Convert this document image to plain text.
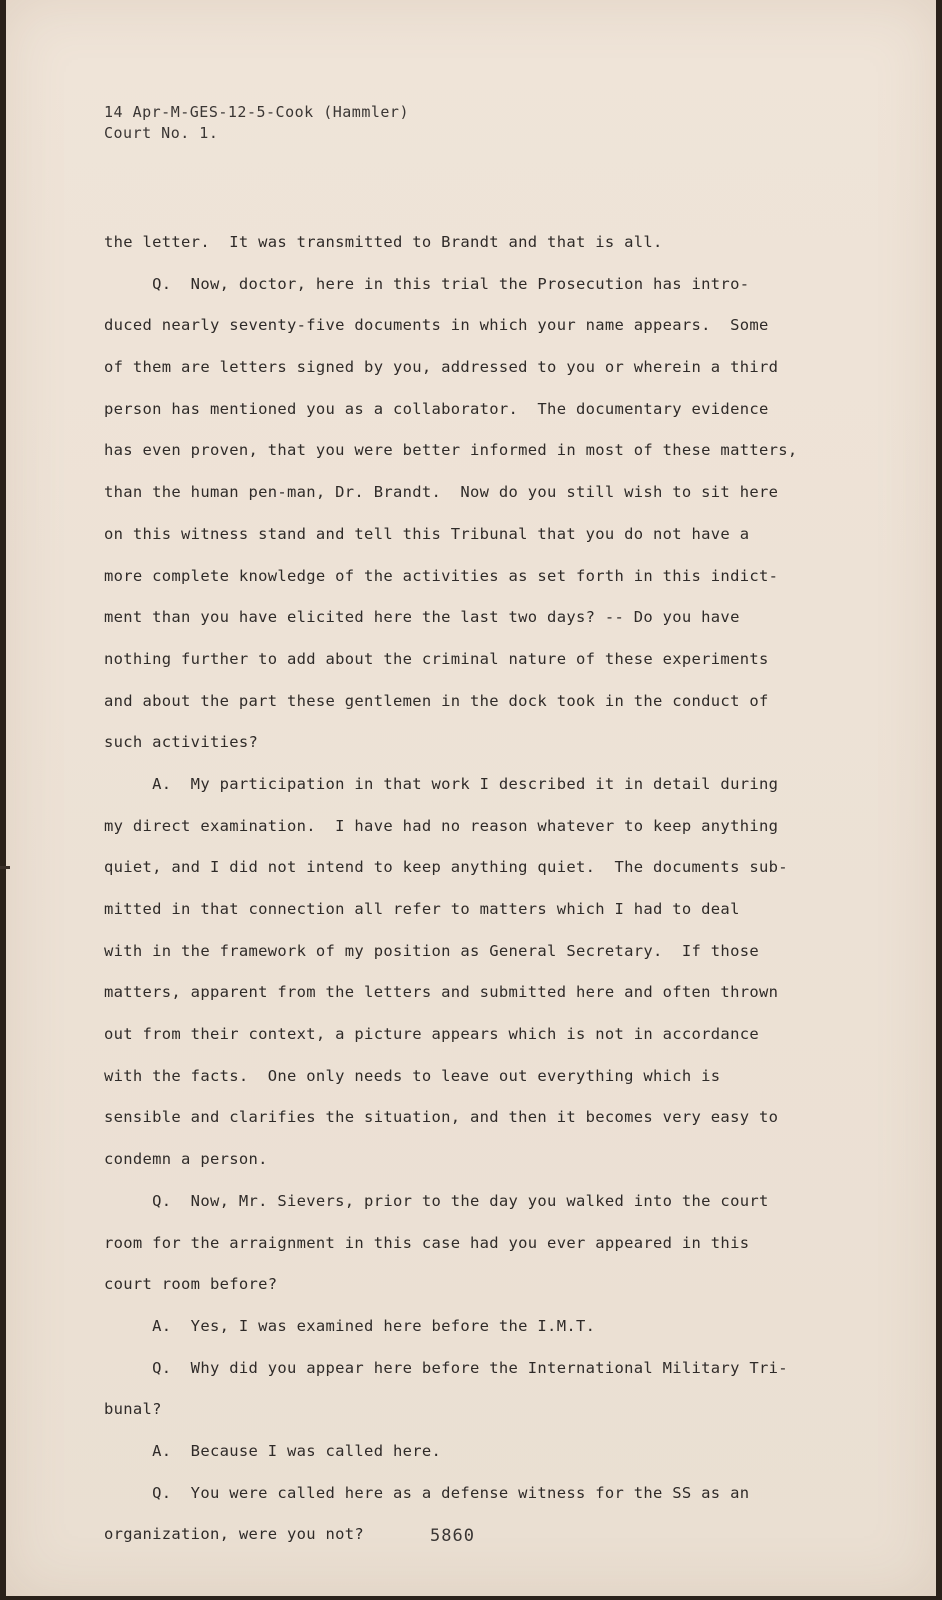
14 Apr-M-GES-12-5-Cook (Hammler)
Court No. 1.
the letter.  It was transmitted to Brandt and that is all.
Q.  Now, doctor, here in this trial the Prosecution has intro-
duced nearly seventy-five documents in which your name appears.  Some
of them are letters signed by you, addressed to you or wherein a third
person has mentioned you as a collaborator.  The documentary evidence
has even proven, that you were better informed in most of these matters,
than the human pen-man, Dr. Brandt.  Now do you still wish to sit here
on this witness stand and tell this Tribunal that you do not have a
more complete knowledge of the activities as set forth in this indict-
ment than you have elicited here the last two days? -- Do you have
nothing further to add about the criminal nature of these experiments
and about the part these gentlemen in the dock took in the conduct of
such activities?
A.  My participation in that work I described it in detail during
my direct examination.  I have had no reason whatever to keep anything
quiet, and I did not intend to keep anything quiet.  The documents sub-
mitted in that connection all refer to matters which I had to deal
with in the framework of my position as General Secretary.  If those
matters, apparent from the letters and submitted here and often thrown
out from their context, a picture appears which is not in accordance
with the facts.  One only needs to leave out everything which is
sensible and clarifies the situation, and then it becomes very easy to
condemn a person.
Q.  Now, Mr. Sievers, prior to the day you walked into the court
room for the arraignment in this case had you ever appeared in this
court room before?
A.  Yes, I was examined here before the I.M.T.
Q.  Why did you appear here before the International Military Tri-
bunal?
A.  Because I was called here.
Q.  You were called here as a defense witness for the SS as an
organization, were you not?	5860
